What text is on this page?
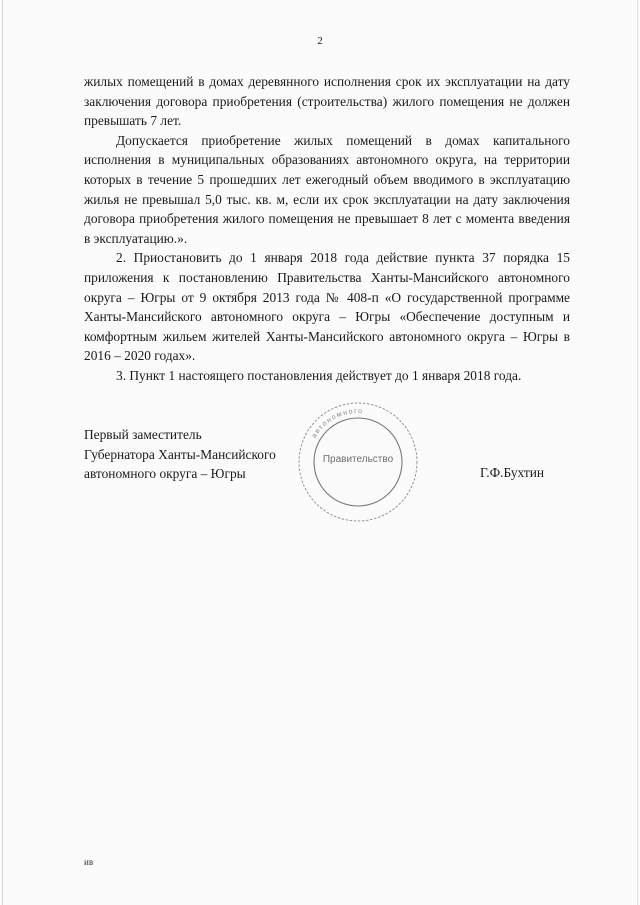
2

жилых помещений в домах деревянного исполнения срок их эксплуатации на дату заключения договора приобретения (строительства) жилого помещения не должен превышать 7 лет.

Допускается приобретение жилых помещений в домах капитального исполнения в муниципальных образованиях автономного округа, на территории которых в течение 5 прошедших лет ежегодный объем вводимого в эксплуатацию жилья не превышал 5,0 тыс. кв. м, если их срок эксплуатации на дату заключения договора приобретения жилого помещения не превышает 8 лет с момента введения в эксплуатацию.».

2. Приостановить до 1 января 2018 года действие пункта 37 порядка 15 приложения к постановлению Правительства Ханты-Мансийского автономного округа – Югры от 9 октября 2013 года № 408-п «О государственной программе Ханты-Мансийского автономного округа – Югры «Обеспечение доступным и комфортным жильем жителей Ханты-Мансийского автономного округа – Югры в 2016 – 2020 годах».

3. Пункт 1 настоящего постановления действует до 1 января 2018 года.

Первый заместитель
Губернатора Ханты-Мансийского
автономного округа – Югры
автономного
Правительство
Г.Ф.Бухтин
ив
